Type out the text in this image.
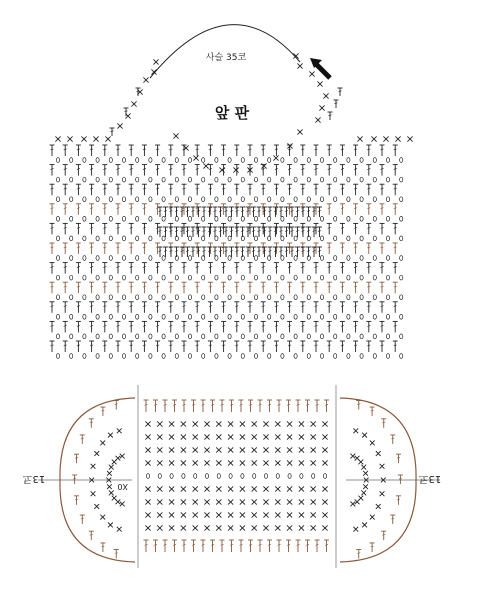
사슬 35코
앞 판
13코	13코
X0
